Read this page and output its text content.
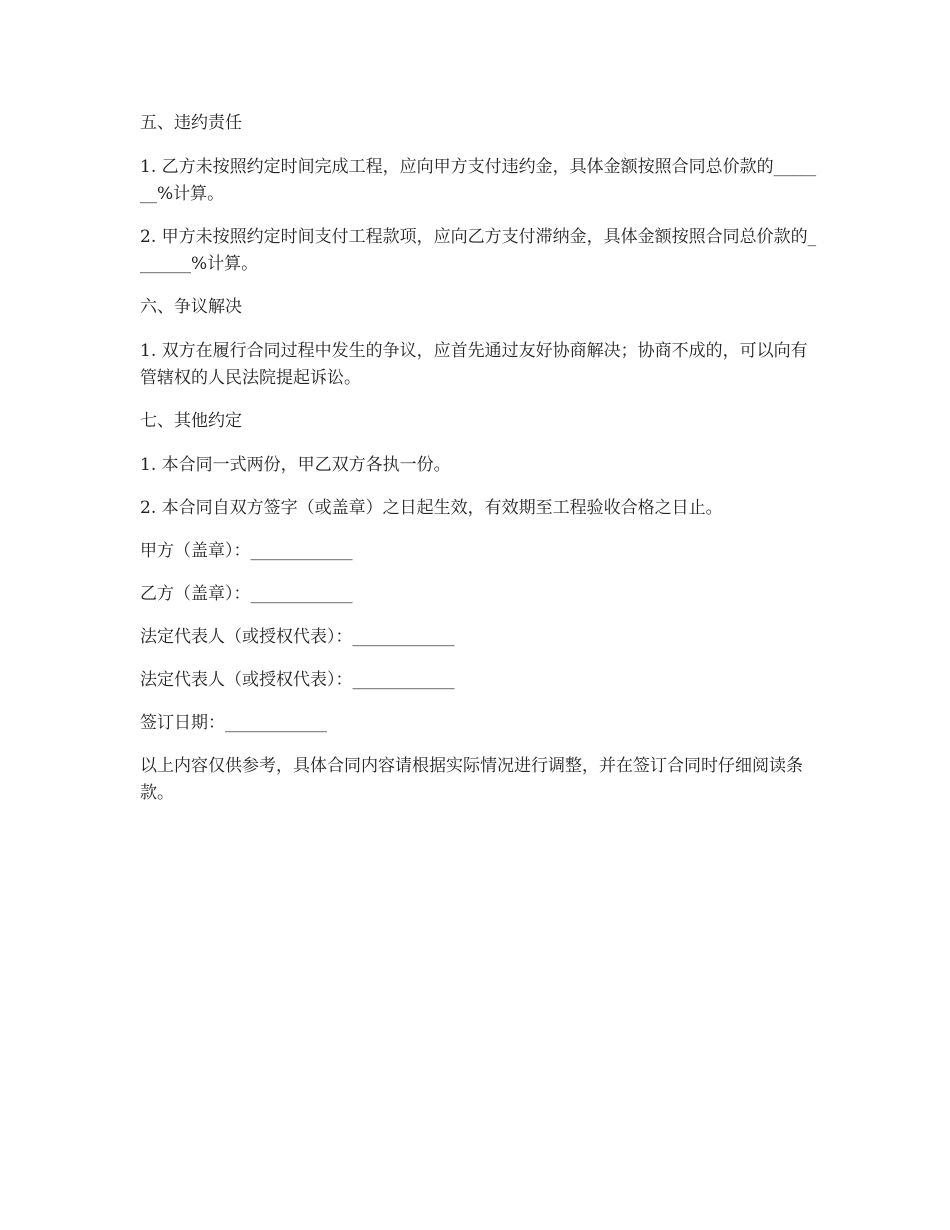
五、违约责任

1. 乙方未按照约定时间完成工程，应向甲方支付违约金，具体金额按照合同总价款的_______%计算。

2. 甲方未按照约定时间支付工程款项，应向乙方支付滞纳金，具体金额按照合同总价款的_______%计算。

六、争议解决

1. 双方在履行合同过程中发生的争议，应首先通过友好协商解决；协商不成的，可以向有管辖权的人民法院提起诉讼。

七、其他约定

1. 本合同一式两份，甲乙双方各执一份。

2. 本合同自双方签字（或盖章）之日起生效，有效期至工程验收合格之日止。

甲方（盖章）：____________

乙方（盖章）：____________

法定代表人（或授权代表）：____________

法定代表人（或授权代表）：____________

签订日期：____________

以上内容仅供参考，具体合同内容请根据实际情况进行调整，并在签订合同时仔细阅读条款。
